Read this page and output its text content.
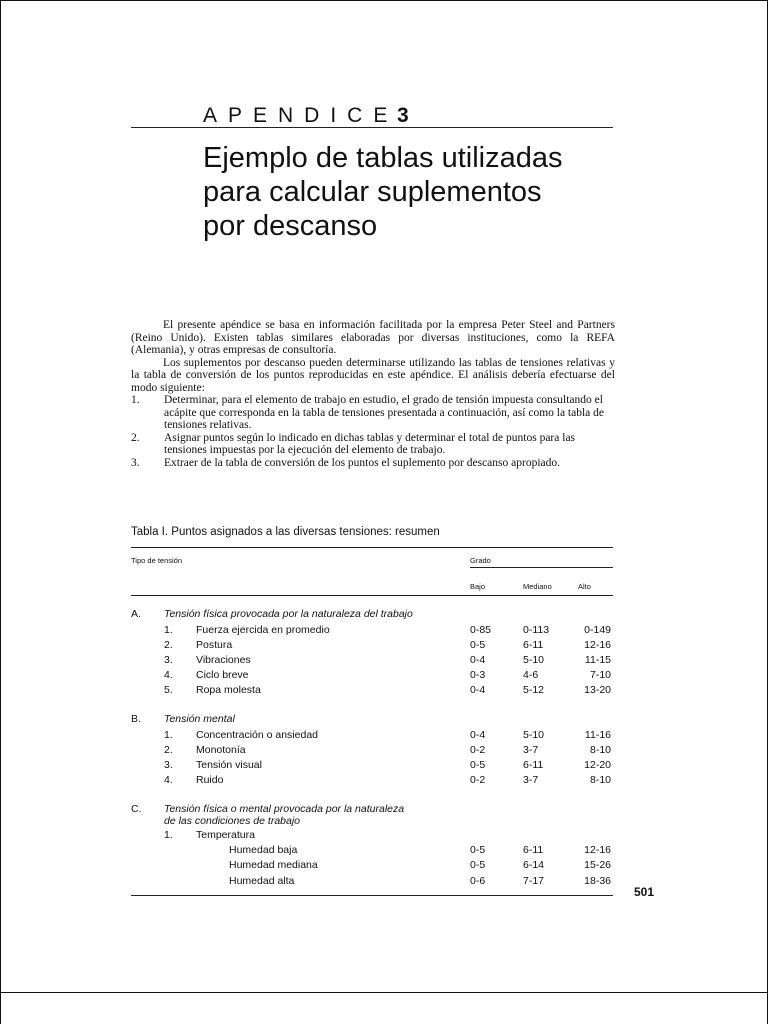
APENDICE
3
Ejemplo de tablas utilizadas
para calcular suplementos
por descanso

El presente apéndice se basa en información facilitada por la empresa Peter Steel and Partners (Reino Unido). Existen tablas similares elaboradas por diversas instituciones, como la REFA (Alemania), y otras empresas de consultoría.

Los suplementos por descanso pueden determinarse utilizando las tablas de tensiones relativas y la tabla de conversión de los puntos reproducidas en este apéndice. El análisis debería efectuarse del modo siguiente:

1.	Determinar, para el elemento de trabajo en estudio, el grado de tensión impuesta consultando el acápite que corresponda en la tabla de tensiones presentada a continuación, así como la tabla de tensiones relativas.
2.	Asignar puntos según lo indicado en dichas tablas y determinar el total de puntos para las tensiones impuestas por la ejecución del elemento de trabajo.
3.	Extraer de la tabla de conversión de los puntos el suplemento por descanso apropiado.
Tabla I. Puntos asignados a las diversas tensiones: resumen
Tipo de tensión	Grado
Bajo	Mediano	Alto
A. Tensión física provocada por la naturaleza del trabajo
1. Fuerza ejercida en promedio	0-85	0-113	0-149
2. Postura	0-5	6-11	12-16
3. Vibraciones	0-4	5-10	11-15
4. Ciclo breve	0-3	4-6	7-10
5. Ropa molesta	0-4	5-12	13-20
B. Tensión mental
1. Concentración o ansiedad	0-4	5-10	11-16
2. Monotonía	0-2	3-7	8-10
3. Tensión visual	0-5	6-11	12-20
4. Ruido	0-2	3-7	8-10
C. Tensión física o mental provocada por la naturaleza
de las condiciones de trabajo
1. Temperatura
Humedad baja	0-5	6-11	12-16
Humedad mediana	0-5	6-14	15-26
Humedad alta	0-6	7-17	18-36
501
